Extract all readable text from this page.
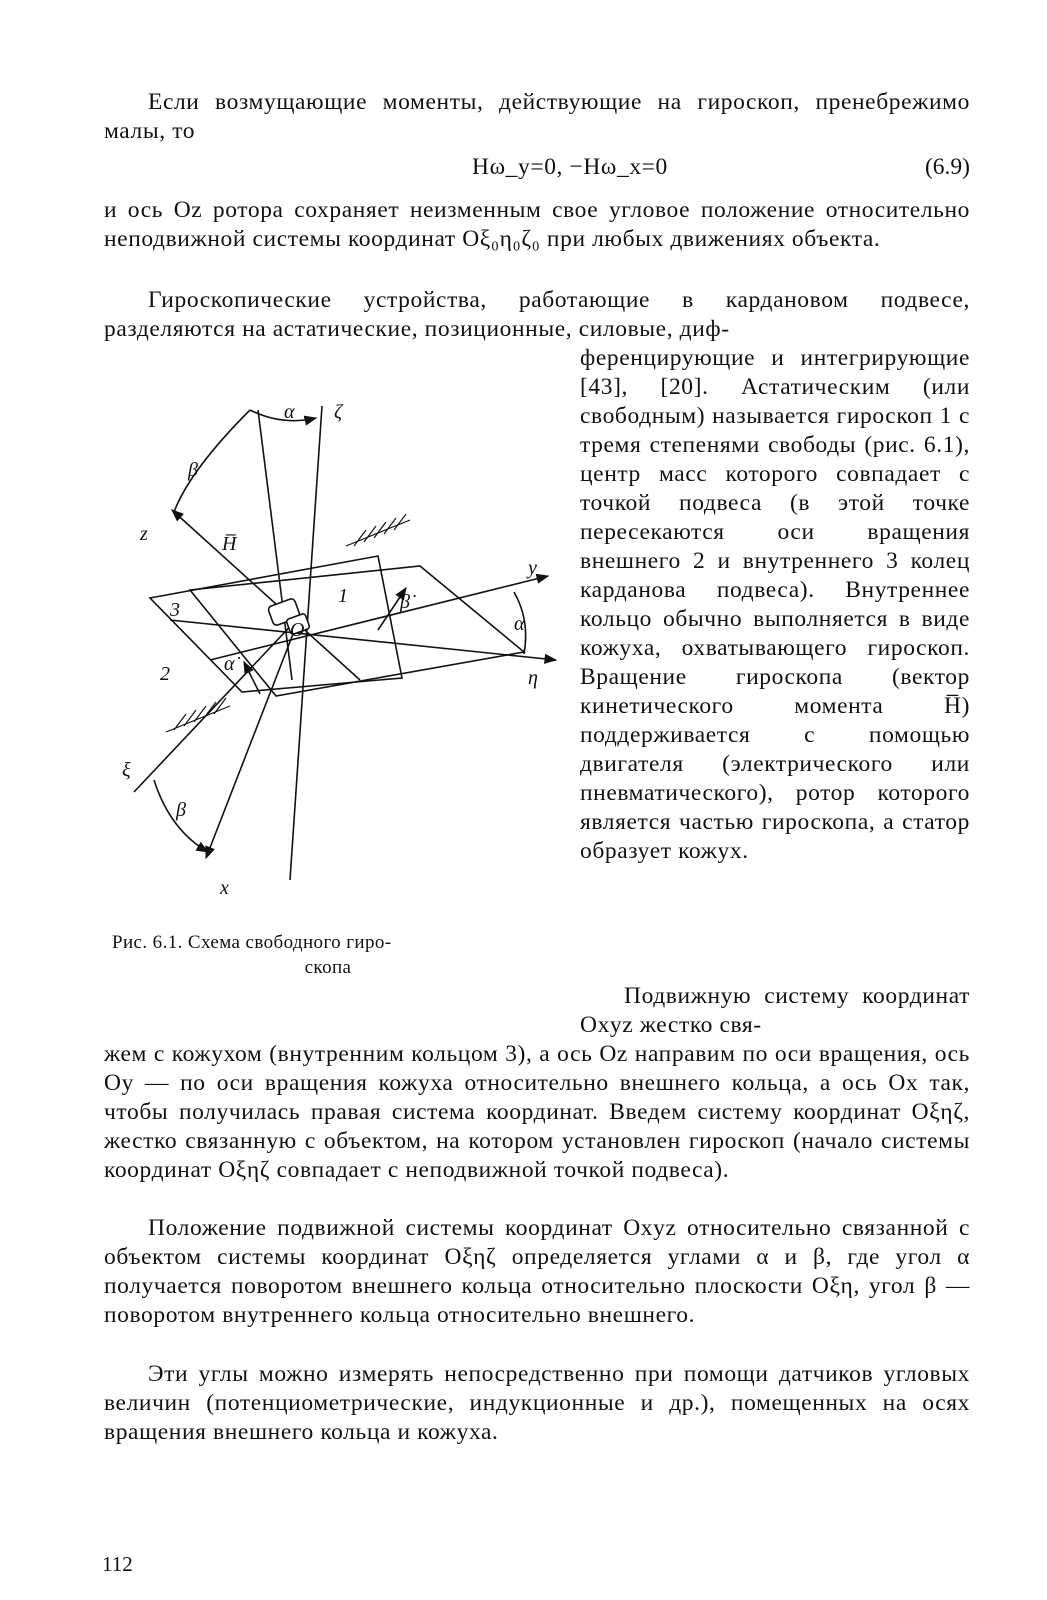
Если возмущающие моменты, действующие на гироскоп, пренебрежимо малы, то

Hω_y=0, −Hω_x=0	(6.9)

и ось Oz ротора сохраняет неизменным свое угловое положение относительно неподвижной системы координат Oξ₀η₀ζ₀ при любых движениях объекта.

Гироскопические устройства, работающие в кардановом подвесе, разделяются на астатические, позиционные, силовые, диф-

ференцирующие и интегрирующие [43], [20]. Астатическим (или свободным) называется гироскоп 1 с тремя степенями свободы (рис. 6.1), центр масс которого совпадает с точкой подвеса (в этой точке пересекаются оси вращения внешнего 2 и внутреннего 3 колец карданова подвеса). Внутреннее кольцо обычно выполняется в виде кожуха, охватывающего гироскоп. Вращение гироскопа (вектор кинетического момента H̅) поддерживается с помощью двигателя (электрического или пневматического), ротор которого является частью гироскопа, а статор образует кожух.

Подвижную систему координат Oxyz жестко свя-

жем с кожухом (внутренним кольцом 3), а ось Oz направим по оси вращения, ось Oy — по оси вращения кожуха относительно внешнего кольца, а ось Ox так, чтобы получилась правая система координат. Введем систему координат Oξηζ, жестко связанную с объектом, на котором установлен гироскоп (начало системы координат Oξηζ совпадает с неподвижной точкой подвеса).

Положение подвижной системы координат Oxyz относительно связанной с объектом системы координат Oξηζ определяется углами α и β, где угол α получается поворотом внешнего кольца относительно плоскости Oξη, угол β — поворотом внутреннего кольца относительно внешнего.

Эти углы можно измерять непосредственно при помощи датчиков угловых величин (потенциометрические, индукционные и др.), помещенных на осях вращения внешнего кольца и кожуха.

Рис. 6.1. Схема свободного гиро-
скопа
α ζ
β
z	H̅
y
β̇
1
3
α
O
2	α̇
η
ξ
β
x
112
